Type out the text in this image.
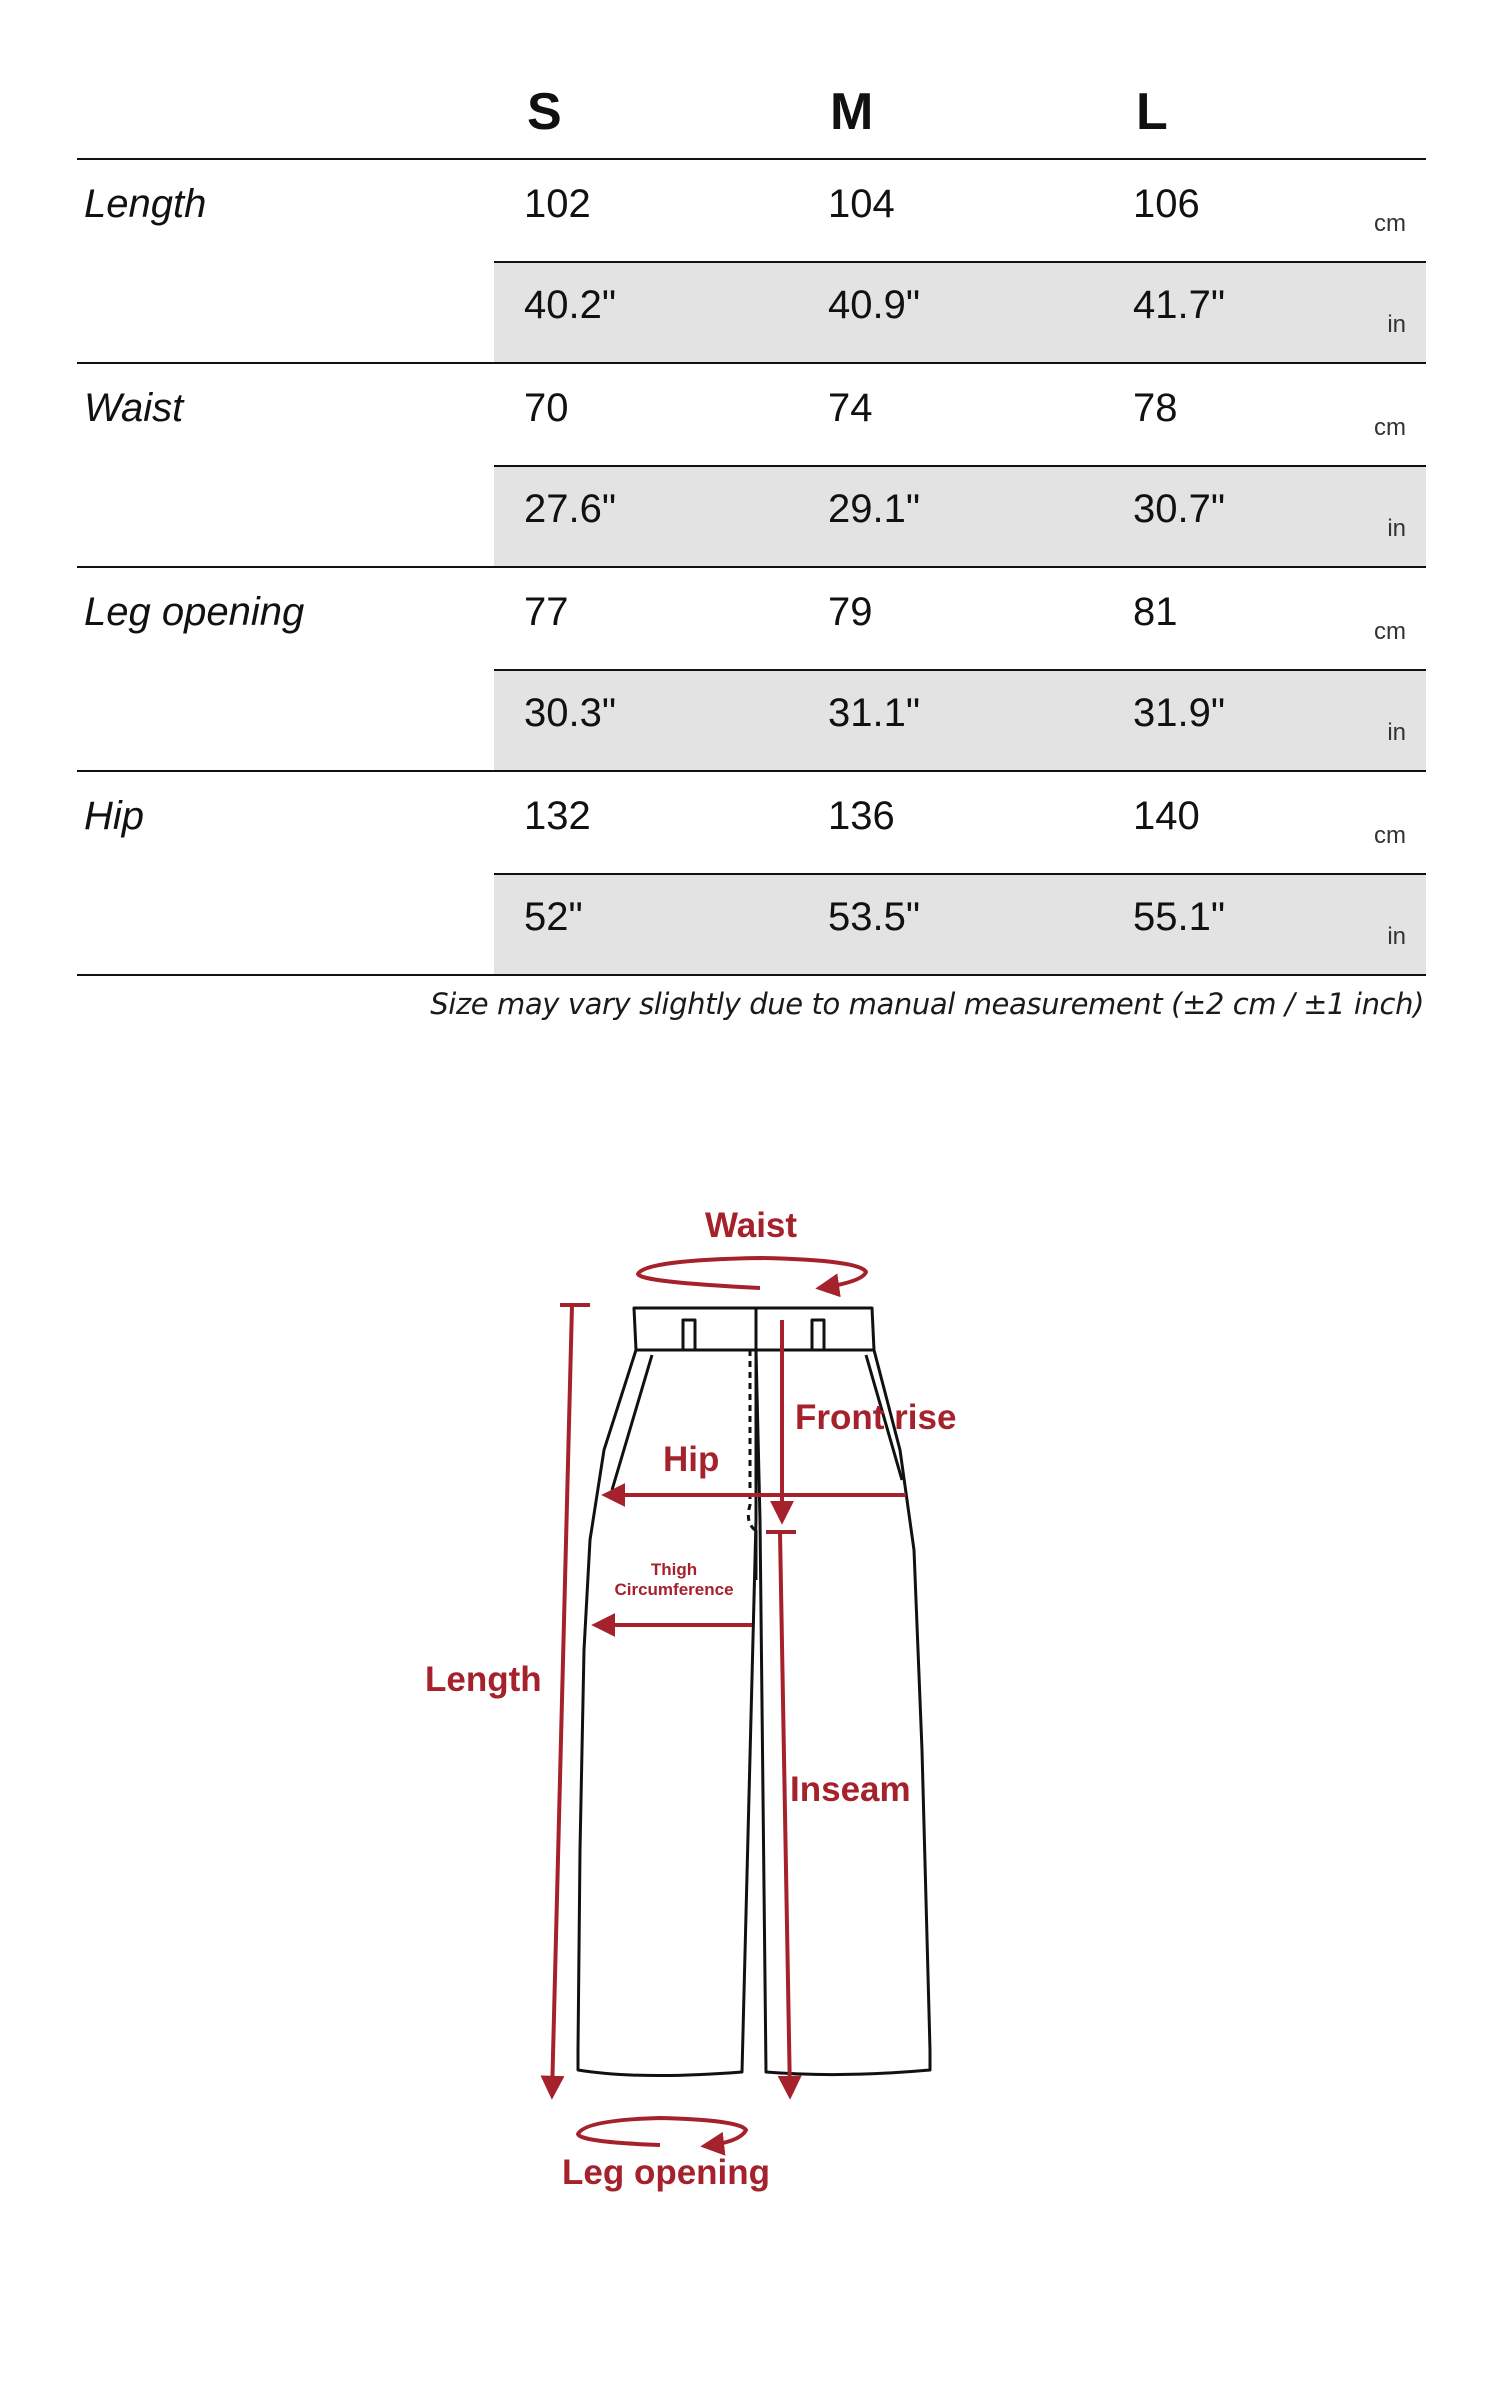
S	M	L
Length	102	104	106	cm
40.2"	40.9"	41.7"	in
Waist	70	74	78	cm
27.6"	29.1"	30.7"	in
Leg opening	77	79	81	cm
30.3"	31.1"	31.9"	in
Hip	132	136	140	cm
52"	53.5"	55.1"	in
Size may vary slightly due to manual measurement (±2 cm / ±1 inch)
Waist
Front rise
Hip
Thigh
Circumference
Length
Inseam
Leg opening
